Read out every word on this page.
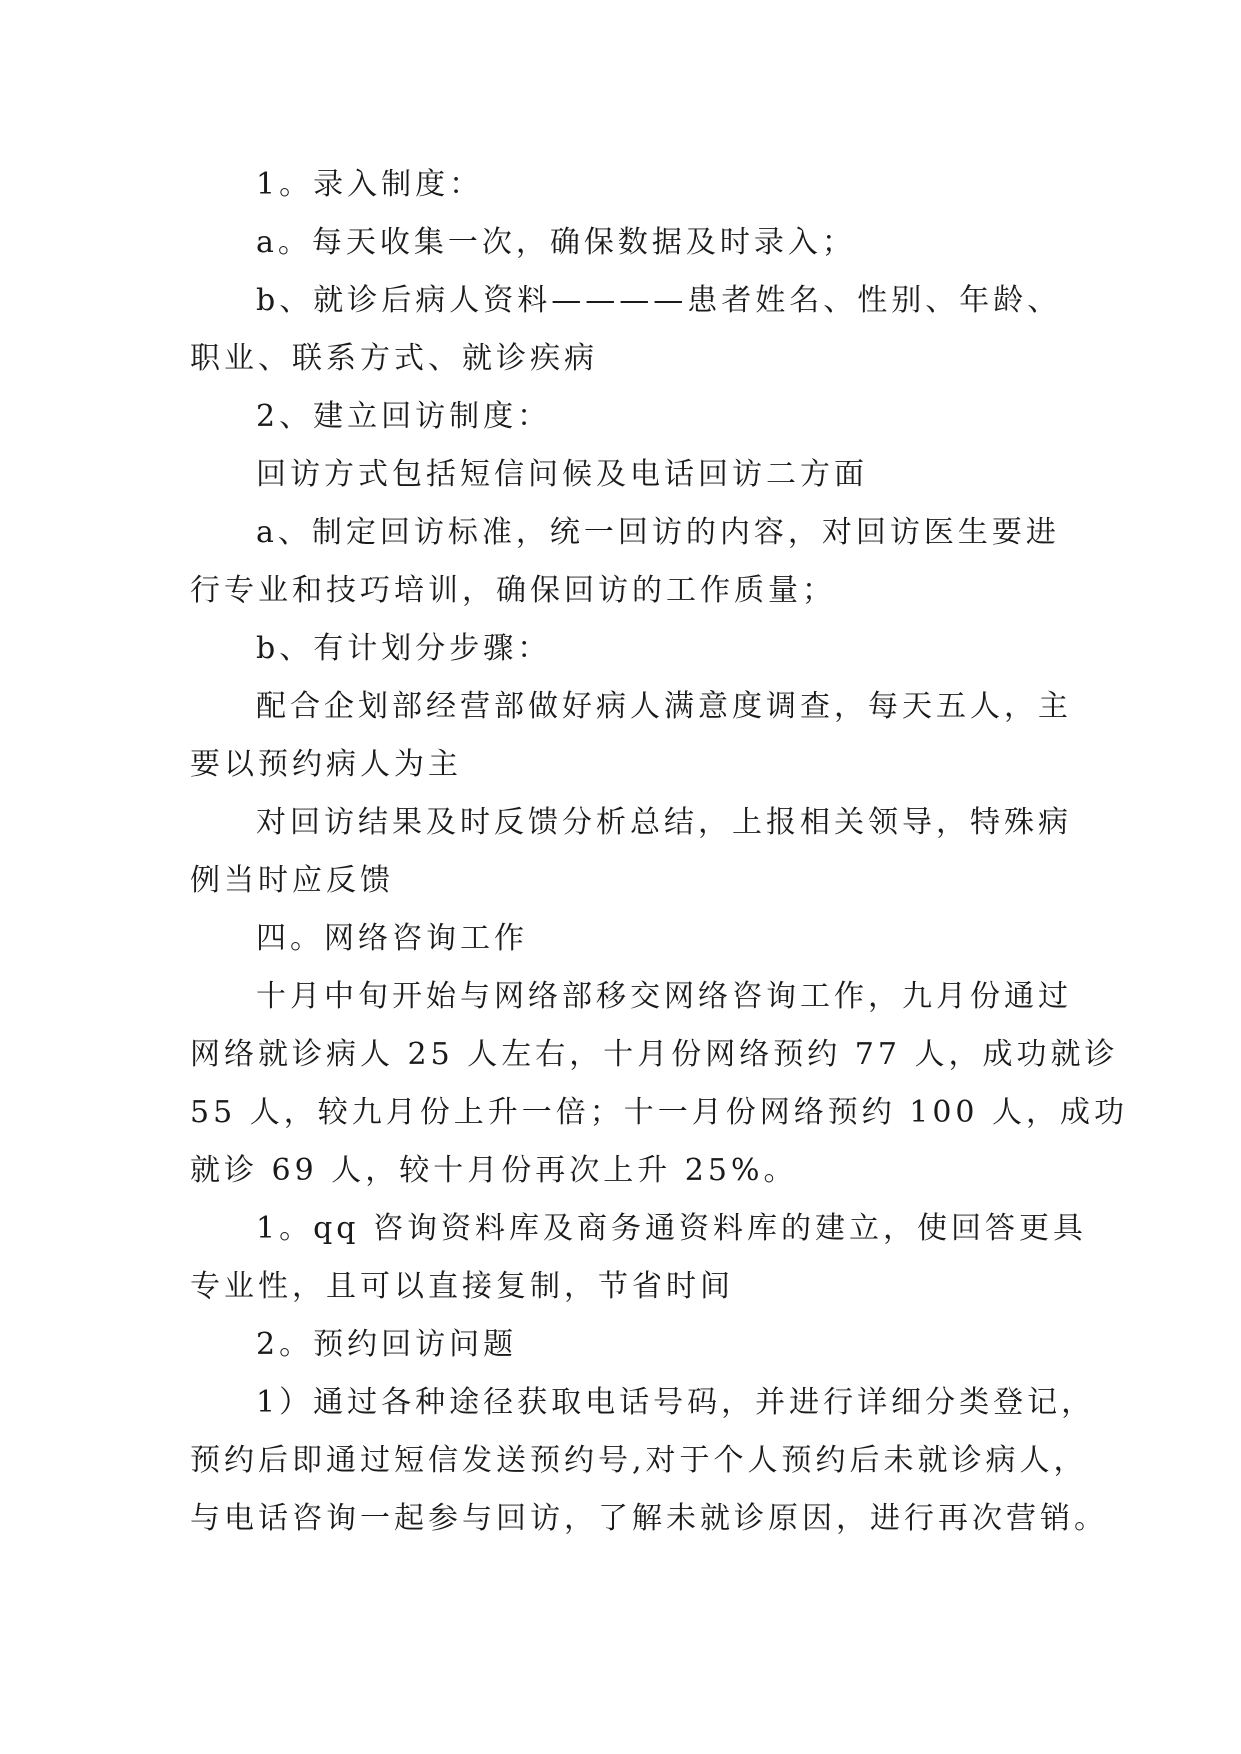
1。录入制度：
a。每天收集一次，确保数据及时录入；
b、就诊后病人资料————患者姓名、性别、年龄、
职业、联系方式、就诊疾病
2、建立回访制度：
回访方式包括短信问候及电话回访二方面
a、制定回访标准，统一回访的内容，对回访医生要进
行专业和技巧培训，确保回访的工作质量；
b、有计划分步骤：
配合企划部经营部做好病人满意度调查，每天五人，主
要以预约病人为主
对回访结果及时反馈分析总结，上报相关领导，特殊病
例当时应反馈
四。网络咨询工作
十月中旬开始与网络部移交网络咨询工作，九月份通过
网络就诊病人 25 人左右，十月份网络预约 77 人，成功就诊
55 人，较九月份上升一倍；十一月份网络预约 100 人，成功
就诊 69 人，较十月份再次上升 25%。
1。qq 咨询资料库及商务通资料库的建立，使回答更具
专业性，且可以直接复制，节省时间
2。预约回访问题
1）通过各种途径获取电话号码，并进行详细分类登记，
预约后即通过短信发送预约号,对于个人预约后未就诊病人，
与电话咨询一起参与回访，了解未就诊原因，进行再次营销。
